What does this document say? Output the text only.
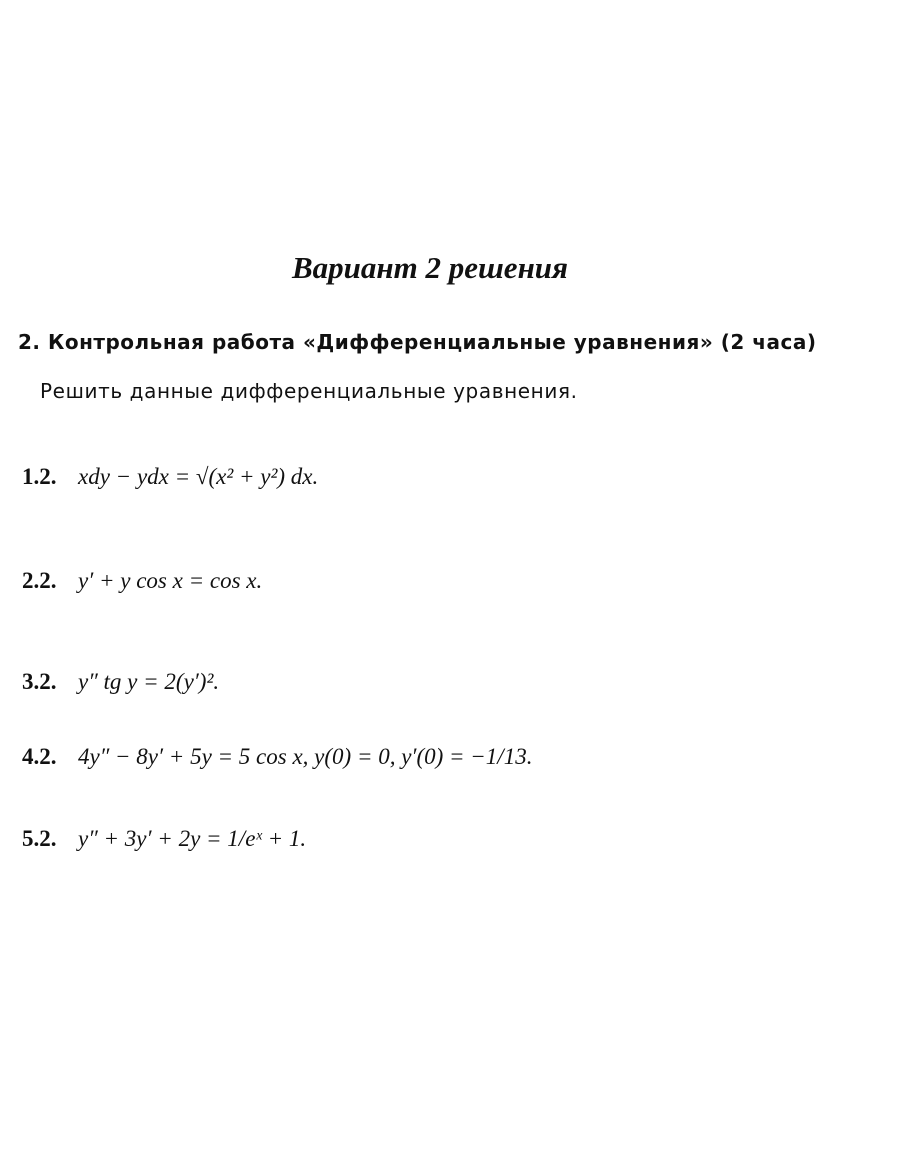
Вариант 2 решения
2. Контрольная работа «Дифференциальные уравнения» (2 часа)
Решить данные дифференциальные уравнения.
1.2. xdy − ydx = √(x² + y²) dx.
2.2. y′ + y cos x = cos x.
3.2. y″ tg y = 2(y′)².
4.2. 4y″ − 8y′ + 5y = 5 cos x, y(0) = 0, y′(0) = −1/13.
5.2. y″ + 3y′ + 2y = 1/eˣ + 1.
